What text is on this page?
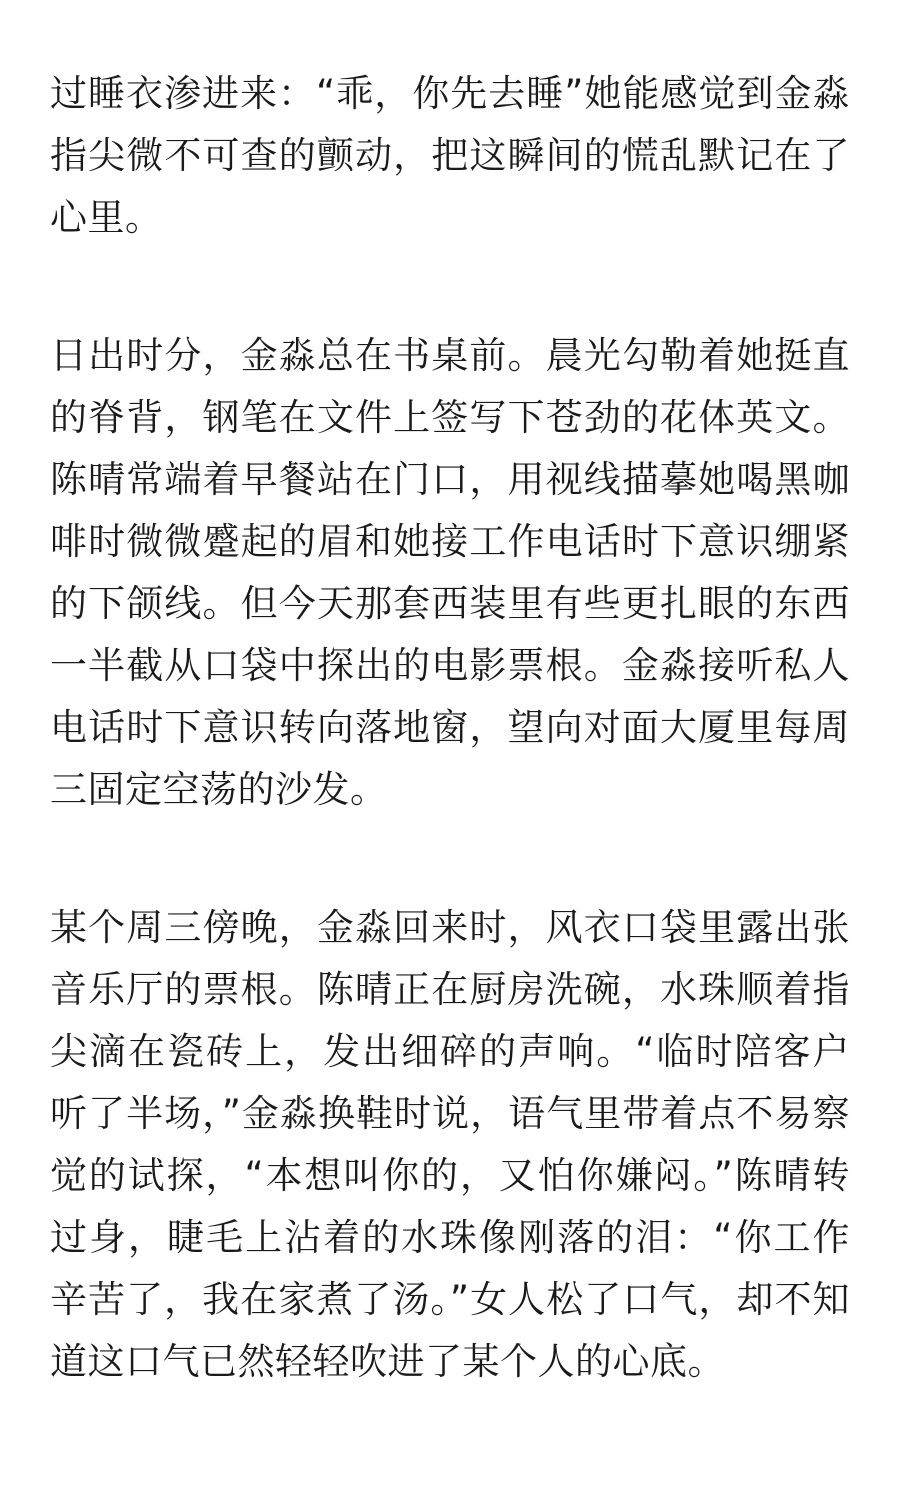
过睡衣渗进来：“乖，你先去睡”她能感觉到金淼指尖微不可查的颤动，把这瞬间的慌乱默记在了心里。

日出时分，金淼总在书桌前。晨光勾勒着她挺直的脊背，钢笔在文件上签写下苍劲的花体英文。陈晴常端着早餐站在门口，用视线描摹她喝黑咖啡时微微蹙起的眉和她接工作电话时下意识绷紧的下颌线。但今天那套西装里有些更扎眼的东西一半截从口袋中探出的电影票根。金淼接听私人电话时下意识转向落地窗，望向对面大厦里每周三固定空荡的沙发。

某个周三傍晚，金淼回来时，风衣口袋里露出张音乐厅的票根。陈晴正在厨房洗碗，水珠顺着指尖滴在瓷砖上，发出细碎的声响。“临时陪客户听了半场，”金淼换鞋时说，语气里带着点不易察觉的试探，“本想叫你的，又怕你嫌闷。”陈晴转过身，睫毛上沾着的水珠像刚落的泪：“你工作辛苦了，我在家煮了汤。”女人松了口气，却不知道这口气已然轻轻吹进了某个人的心底。
